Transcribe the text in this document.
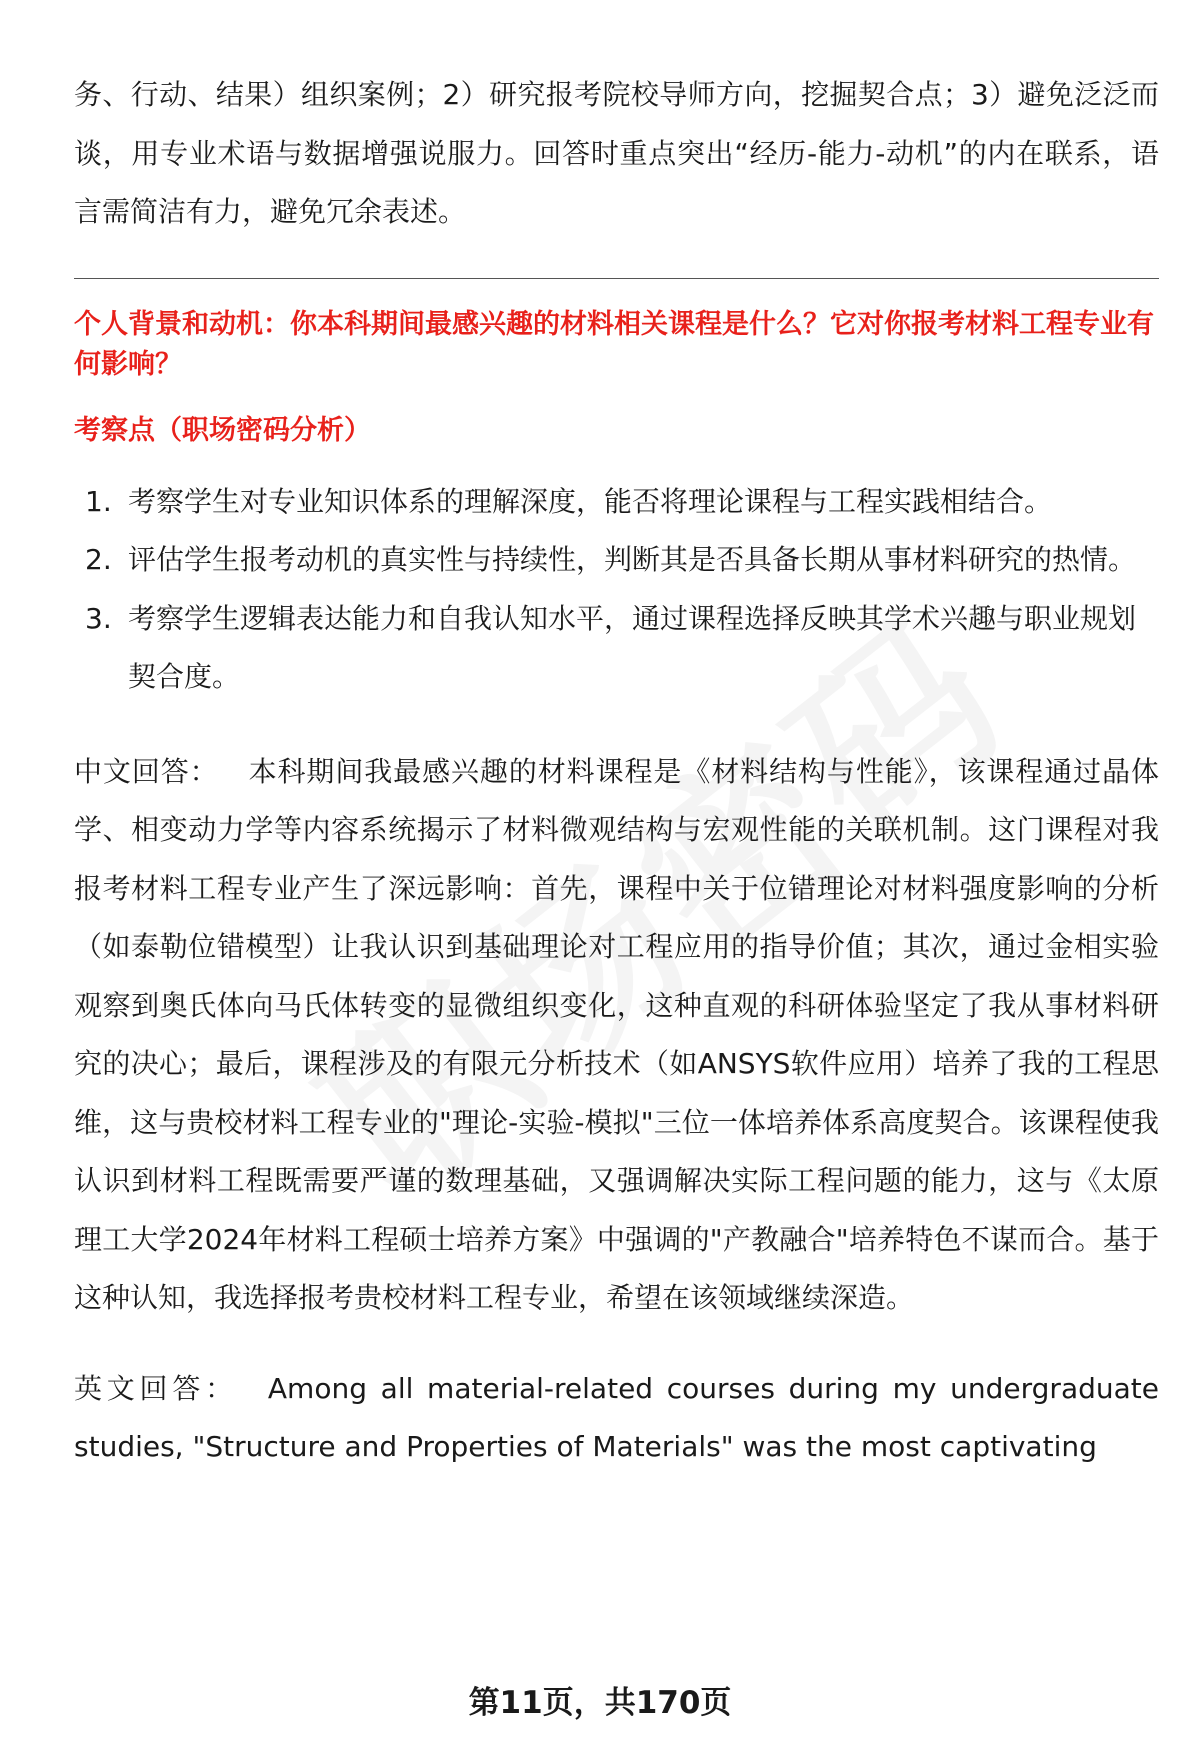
务、行动、结果）组织案例；2）研究报考院校导师方向，挖掘契合点；3）避免泛泛而谈，用专业术语与数据增强说服力。回答时重点突出“经历-能力-动机”的内在联系，语言需简洁有力，避免冗余表述。

个人背景和动机：你本科期间最感兴趣的材料相关课程是什么？它对你报考材料工程专业有何影响？

考察点（职场密码分析）

1. 考察学生对专业知识体系的理解深度，能否将理论课程与工程实践相结合。
2. 评估学生报考动机的真实性与持续性，判断其是否具备长期从事材料研究的热情。
3. 考察学生逻辑表达能力和自我认知水平，通过课程选择反映其学术兴趣与职业规划契合度。

中文回答： 本科期间我最感兴趣的材料课程是《材料结构与性能》，该课程通过晶体学、相变动力学等内容系统揭示了材料微观结构与宏观性能的关联机制。这门课程对我报考材料工程专业产生了深远影响：首先，课程中关于位错理论对材料强度影响的分析（如泰勒位错模型）让我认识到基础理论对工程应用的指导价值；其次，通过金相实验观察到奥氏体向马氏体转变的显微组织变化，这种直观的科研体验坚定了我从事材料研究的决心；最后，课程涉及的有限元分析技术（如ANSYS软件应用）培养了我的工程思维，这与贵校材料工程专业的"理论-实验-模拟"三位一体培养体系高度契合。该课程使我认识到材料工程既需要严谨的数理基础，又强调解决实际工程问题的能力，这与《太原理工大学2024年材料工程硕士培养方案》中强调的"产教融合"培养特色不谋而合。基于这种认知，我选择报考贵校材料工程专业，希望在该领域继续深造。

英文回答： Among all material-related courses during my undergraduate studies, "Structure and Properties of Materials" was the most captivating

第11页，共170页
